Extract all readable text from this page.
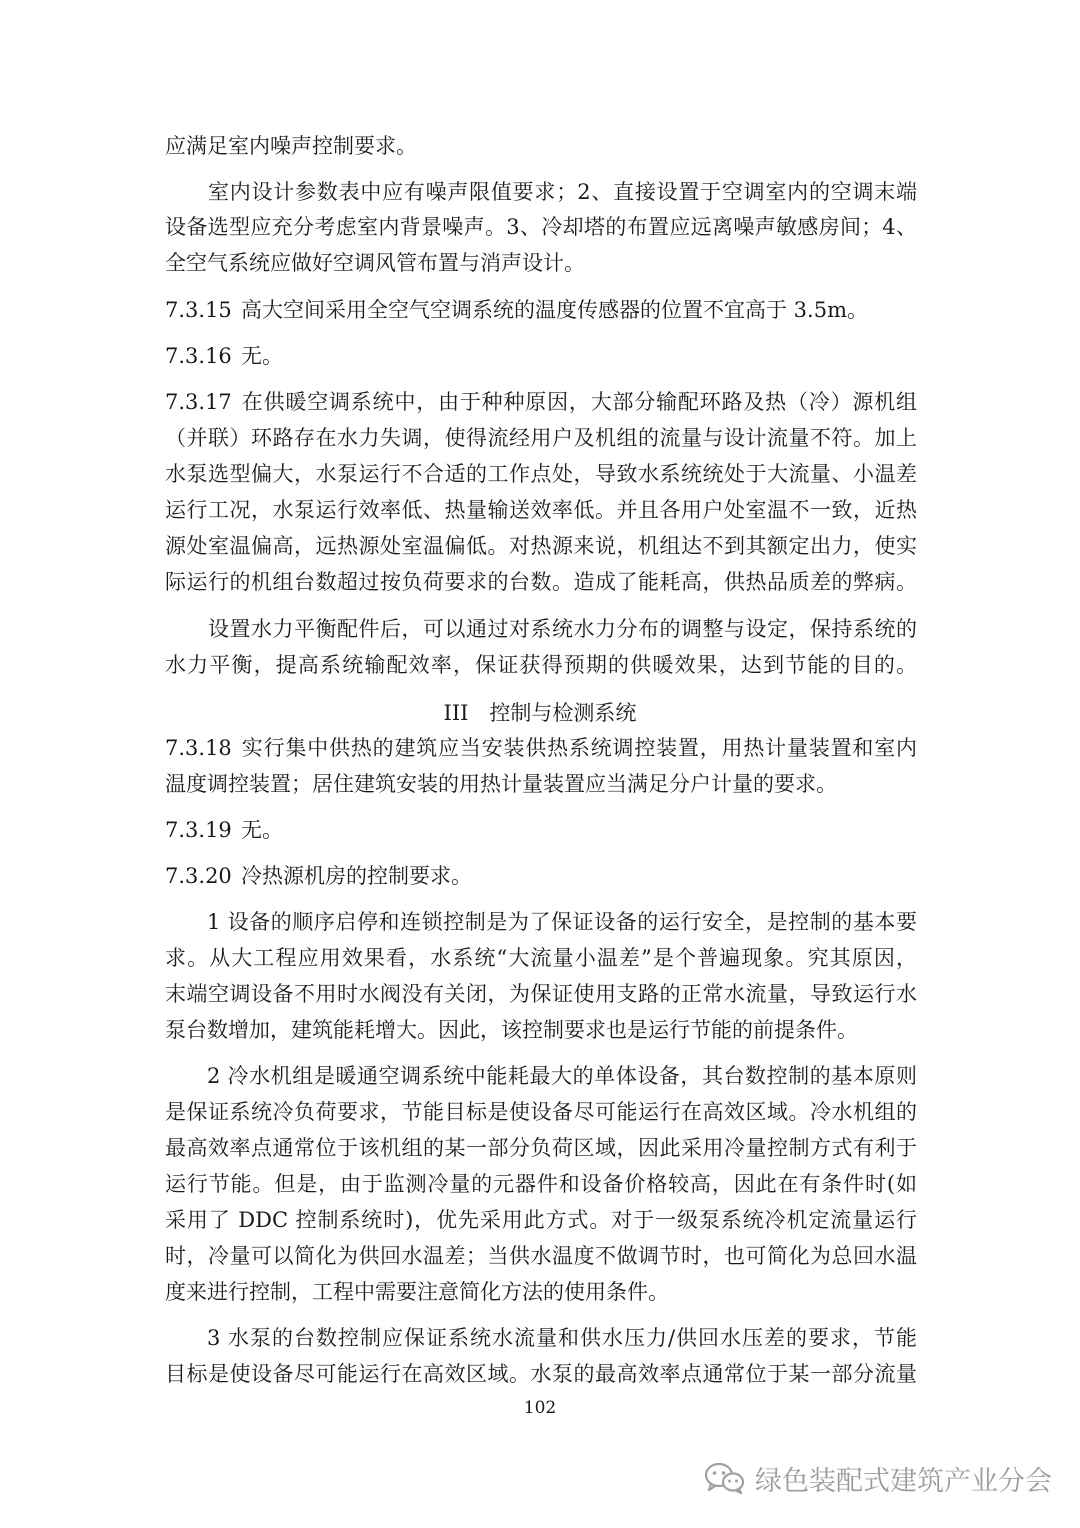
应满足室内噪声控制要求。
室内设计参数表中应有噪声限值要求；2、直接设置于空调室内的空调末端
设备选型应充分考虑室内背景噪声。3、冷却塔的布置应远离噪声敏感房间；4、
全空气系统应做好空调风管布置与消声设计。
7.3.15 高大空间采用全空气空调系统的温度传感器的位置不宜高于 3.5m。
7.3.16 无。
7.3.17 在供暖空调系统中，由于种种原因，大部分输配环路及热（冷）源机组
（并联）环路存在水力失调，使得流经用户及机组的流量与设计流量不符。加上
水泵选型偏大，水泵运行不合适的工作点处，导致水系统统处于大流量、小温差
运行工况，水泵运行效率低、热量输送效率低。并且各用户处室温不一致，近热
源处室温偏高，远热源处室温偏低。对热源来说，机组达不到其额定出力，使实
际运行的机组台数超过按负荷要求的台数。造成了能耗高，供热品质差的弊病。
设置水力平衡配件后，可以通过对系统水力分布的调整与设定，保持系统的
水力平衡，提高系统输配效率，保证获得预期的供暖效果，达到节能的目的。
III　控制与检测系统
7.3.18 实行集中供热的建筑应当安装供热系统调控装置，用热计量装置和室内
温度调控装置；居住建筑安装的用热计量装置应当满足分户计量的要求。
7.3.19 无。
7.3.20 冷热源机房的控制要求。
1 设备的顺序启停和连锁控制是为了保证设备的运行安全，是控制的基本要
求。从大工程应用效果看，水系统“大流量小温差”是个普遍现象。究其原因，
末端空调设备不用时水阀没有关闭，为保证使用支路的正常水流量，导致运行水
泵台数增加，建筑能耗增大。因此，该控制要求也是运行节能的前提条件。
2 冷水机组是暖通空调系统中能耗最大的单体设备，其台数控制的基本原则
是保证系统冷负荷要求，节能目标是使设备尽可能运行在高效区域。冷水机组的
最高效率点通常位于该机组的某一部分负荷区域，因此采用冷量控制方式有利于
运行节能。但是，由于监测冷量的元器件和设备价格较高，因此在有条件时(如
采用了 DDC 控制系统时)，优先采用此方式。对于一级泵系统冷机定流量运行
时，冷量可以简化为供回水温差；当供水温度不做调节时，也可简化为总回水温
度来进行控制，工程中需要注意简化方法的使用条件。
3 水泵的台数控制应保证系统水流量和供水压力/供回水压差的要求，节能
目标是使设备尽可能运行在高效区域。水泵的最高效率点通常位于某一部分流量
102
绿色装配式建筑产业分会
